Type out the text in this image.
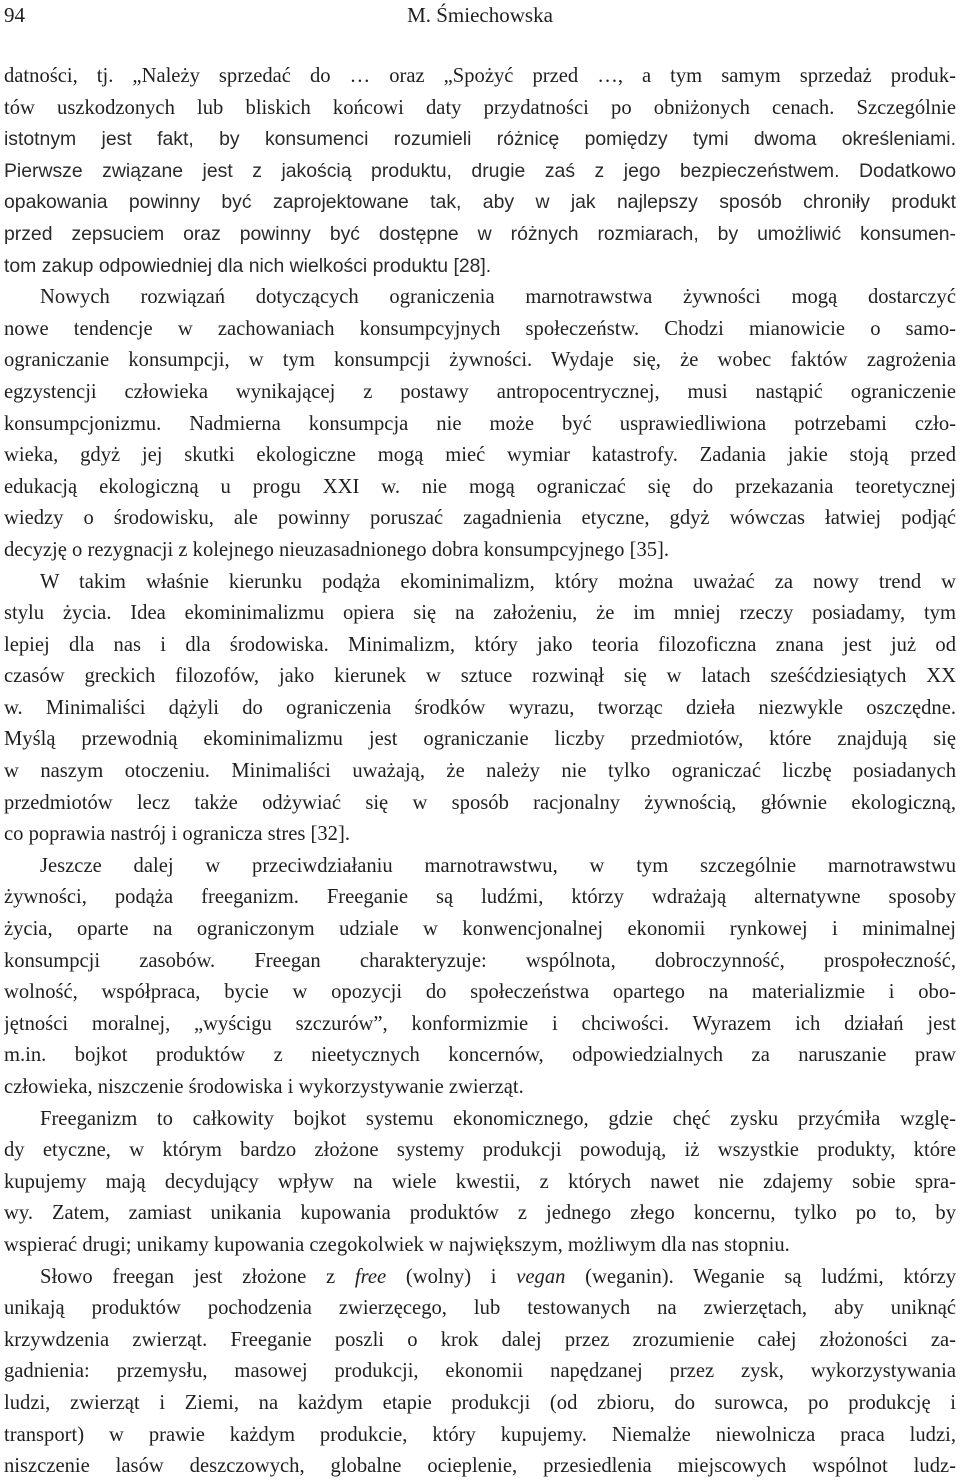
94	M. Śmiechowska
datności, tj. „Należy sprzedać do … oraz „Spożyć przed …, a tym samym sprzedaż produk-
tów uszkodzonych lub bliskich końcowi daty przydatności po obniżonych cenach. Szczególnie
istotnym jest fakt, by konsumenci rozumieli różnicę pomiędzy tymi dwoma określeniami.
Pierwsze związane jest z jakością produktu, drugie zaś z jego bezpieczeństwem. Dodatkowo
opakowania powinny być zaprojektowane tak, aby w jak najlepszy sposób chroniły produkt
przed zepsuciem oraz powinny być dostępne w różnych rozmiarach, by umożliwić konsumen-
tom zakup odpowiedniej dla nich wielkości produktu [28].
Nowych rozwiązań dotyczących ograniczenia marnotrawstwa żywności mogą dostarczyć
nowe tendencje w zachowaniach konsumpcyjnych społeczeństw. Chodzi mianowicie o samo-
ograniczanie konsumpcji, w tym konsumpcji żywności. Wydaje się, że wobec faktów zagrożenia
egzystencji człowieka wynikającej z postawy antropocentrycznej, musi nastąpić ograniczenie
konsumpcjonizmu. Nadmierna konsumpcja nie może być usprawiedliwiona potrzebami czło-
wieka, gdyż jej skutki ekologiczne mogą mieć wymiar katastrofy. Zadania jakie stoją przed
edukacją ekologiczną u progu XXI w. nie mogą ograniczać się do przekazania teoretycznej
wiedzy o środowisku, ale powinny poruszać zagadnienia etyczne, gdyż wówczas łatwiej podjąć
decyzję o rezygnacji z kolejnego nieuzasadnionego dobra konsumpcyjnego [35].
W takim właśnie kierunku podąża ekominimalizm, który można uważać za nowy trend w
stylu życia. Idea ekominimalizmu opiera się na założeniu, że im mniej rzeczy posiadamy, tym
lepiej dla nas i dla środowiska. Minimalizm, który jako teoria filozoficzna znana jest już od
czasów greckich filozofów, jako kierunek w sztuce rozwinął się w latach sześćdziesiątych XX
w. Minimaliści dążyli do ograniczenia środków wyrazu, tworząc dzieła niezwykle oszczędne.
Myślą przewodnią ekominimalizmu jest ograniczanie liczby przedmiotów, które znajdują się
w naszym otoczeniu. Minimaliści uważają, że należy nie tylko ograniczać liczbę posiadanych
przedmiotów lecz także odżywiać się w sposób racjonalny żywnością, głównie ekologiczną,
co poprawia nastrój i ogranicza stres [32].
Jeszcze dalej w przeciwdziałaniu marnotrawstwu, w tym szczególnie marnotrawstwu
żywności, podąża freeganizm. Freeganie są ludźmi, którzy wdrażają alternatywne sposoby
życia, oparte na ograniczonym udziale w konwencjonalnej ekonomii rynkowej i minimalnej
konsumpcji zasobów. Freegan charakteryzuje: wspólnota, dobroczynność, prospołeczność,
wolność, współpraca, bycie w opozycji do społeczeństwa opartego na materializmie i obo-
jętności moralnej, „wyścigu szczurów”, konformizmie i chciwości. Wyrazem ich działań jest
m.in. bojkot produktów z nieetycznych koncernów, odpowiedzialnych za naruszanie praw
człowieka, niszczenie środowiska i wykorzystywanie zwierząt.
Freeganizm to całkowity bojkot systemu ekonomicznego, gdzie chęć zysku przyćmiła wzglę-
dy etyczne, w którym bardzo złożone systemy produkcji powodują, iż wszystkie produkty, które
kupujemy mają decydujący wpływ na wiele kwestii, z których nawet nie zdajemy sobie spra-
wy. Zatem, zamiast unikania kupowania produktów z jednego złego koncernu, tylko po to, by
wspierać drugi; unikamy kupowania czegokolwiek w największym, możliwym dla nas stopniu.
Słowo freegan jest złożone z free (wolny) i vegan (weganin). Weganie są ludźmi, którzy
unikają produktów pochodzenia zwierzęcego, lub testowanych na zwierzętach, aby uniknąć
krzywdzenia zwierząt. Freeganie poszli o krok dalej przez zrozumienie całej złożoności za-
gadnienia: przemysłu, masowej produkcji, ekonomii napędzanej przez zysk, wykorzystywania
ludzi, zwierząt i Ziemi, na każdym etapie produkcji (od zbioru, do surowca, po produkcję i
transport) w prawie każdym produkcie, który kupujemy. Niemalże niewolnicza praca ludzi,
niszczenie lasów deszczowych, globalne ocieplenie, przesiedlenia miejscowych wspólnot ludz-
